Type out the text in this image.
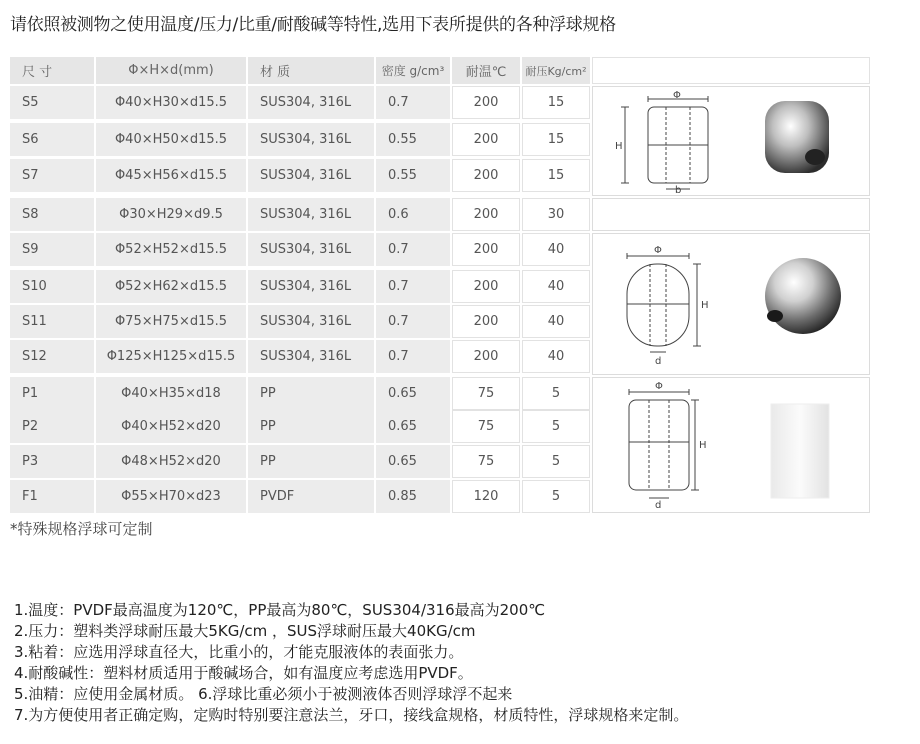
请依照被测物之使用温度/压力/比重/耐酸碱等特性,选用下表所提供的各种浮球规格
尺 寸	Φ×H×d(mm)	材 质	密度 g/cm³	耐温℃	耐压Kg/cm²
S5	Φ40×H30×d15.5	SUS304, 316L	0.7	200	15
S6	Φ40×H50×d15.5	SUS304, 316L	0.55	200	15
S7	Φ45×H56×d15.5	SUS304, 316L	0.55	200	15
S8	Φ30×H29×d9.5	SUS304, 316L	0.6	200	30
S9	Φ52×H52×d15.5	SUS304, 316L	0.7	200	40
S10	Φ52×H62×d15.5	SUS304, 316L	0.7	200	40
S11	Φ75×H75×d15.5	SUS304, 316L	0.7	200	40
S12	Φ125×H125×d15.5	SUS304, 316L	0.7	200	40
P1	Φ40×H35×d18	PP	0.65	75	5
P2	Φ40×H52×d20	PP	0.65	75	5
P3	Φ48×H52×d20	PP	0.65	75	5
F1	Φ55×H70×d23	PVDF	0.85	120	5
Φ
H
b
Φ
H
d
Φ
H
d
*特殊规格浮球可定制
1.温度：PVDF最高温度为120℃，PP最高为80℃，SUS304/316最高为200℃
2.压力：塑料类浮球耐压最大5KG/cm ，SUS浮球耐压最大40KG/cm
3.粘着：应选用浮球直径大，比重小的，才能克服液体的表面张力。
4.耐酸碱性：塑料材质适用于酸碱场合，如有温度应考虑选用PVDF。
5.油精：应使用金属材质。 6.浮球比重必须小于被测液体否则浮球浮不起来
7.为方便使用者正确定购，定购时特别要注意法兰，牙口，接线盒规格，材质特性，浮球规格来定制。
